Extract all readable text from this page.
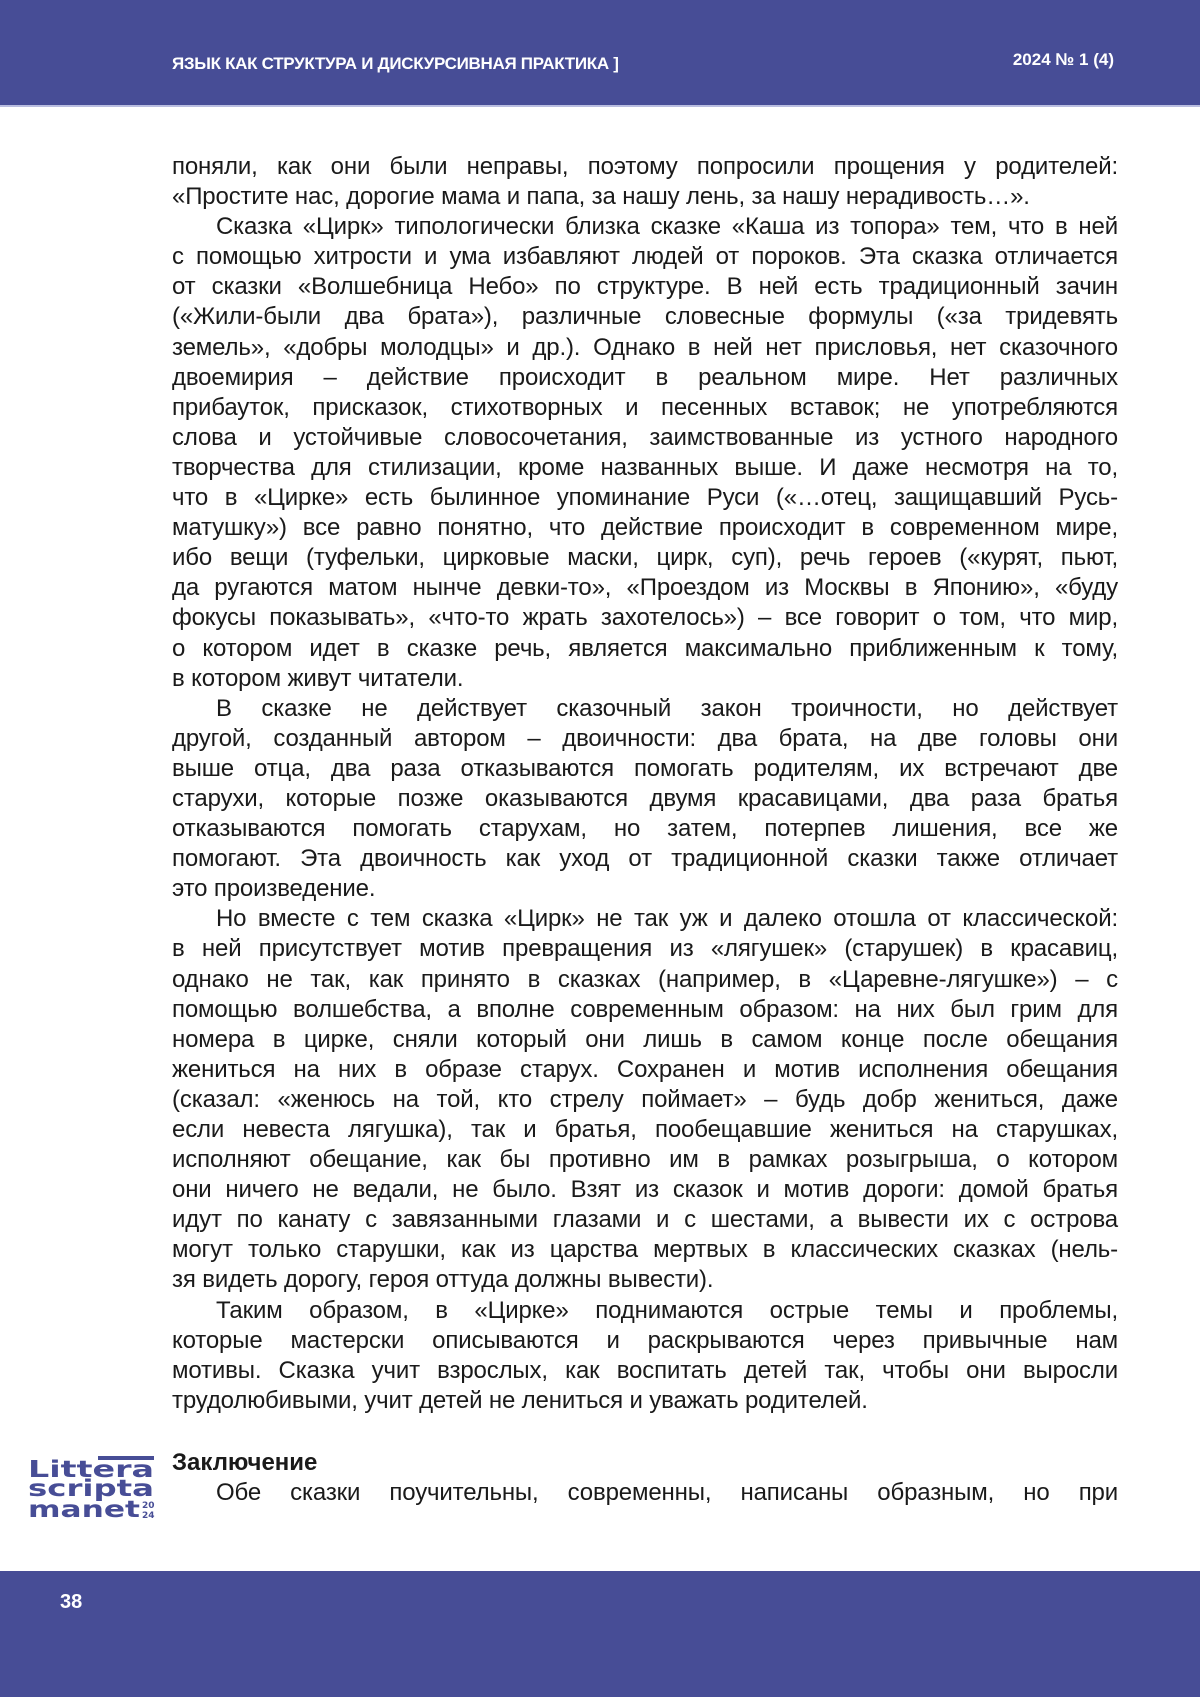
ЯЗЫК КАК СТРУКТУРА И ДИСКУРСИВНАЯ ПРАКТИКА ]	2024 № 1 (4)
поняли, как они были неправы, поэтому попросили прощения у родителей:
«Простите нас, дорогие мама и папа, за нашу лень, за нашу нерадивость…».
Сказка «Цирк» типологически близка сказке «Каша из топора» тем, что в ней
с помощью хитрости и ума избавляют людей от пороков. Эта сказка отличается
от сказки «Волшебница Небо» по структуре. В ней есть традиционный зачин
(«Жили-были два брата»), различные словесные формулы («за тридевять
земель», «добры молодцы» и др.). Однако в ней нет присловья, нет сказочного
двоемирия – действие происходит в реальном мире. Нет различных
прибауток, присказок, стихотворных и песенных вставок; не употребляются
слова и устойчивые словосочетания, заимствованные из устного народного
творчества для стилизации, кроме названных выше. И даже несмотря на то,
что в «Цирке» есть былинное упоминание Руси («…отец, защищавший Русь-
матушку») все равно понятно, что действие происходит в современном мире,
ибо вещи (туфельки, цирковые маски, цирк, суп), речь героев («курят, пьют,
да ругаются матом нынче девки-то», «Проездом из Москвы в Японию», «буду
фокусы показывать», «что-то жрать захотелось») – все говорит о том, что мир,
о котором идет в сказке речь, является максимально приближенным к тому,
в котором живут читатели.
В сказке не действует сказочный закон троичности, но действует
другой, созданный автором – двоичности: два брата, на две головы они
выше отца, два раза отказываются помогать родителям, их встречают две
старухи, которые позже оказываются двумя красавицами, два раза братья
отказываются помогать старухам, но затем, потерпев лишения, все же
помогают. Эта двоичность как уход от традиционной сказки также отличает
это произведение.
Но вместе с тем сказка «Цирк» не так уж и далеко отошла от классической:
в ней присутствует мотив превращения из «лягушек» (старушек) в красавиц,
однако не так, как принято в сказках (например, в «Царевне-лягушке») – с
помощью волшебства, а вполне современным образом: на них был грим для
номера в цирке, сняли который они лишь в самом конце после обещания
жениться на них в образе старух. Сохранен и мотив исполнения обещания
(сказал: «женюсь на той, кто стрелу поймает» – будь добр жениться, даже
если невеста лягушка), так и братья, пообещавшие жениться на старушках,
исполняют обещание, как бы противно им в рамках розыгрыша, о котором
они ничего не ведали, не было. Взят из сказок и мотив дороги: домой братья
идут по канату с завязанными глазами и с шестами, а вывести их с острова
могут только старушки, как из царства мертвых в классических сказках (нель-
зя видеть дорогу, героя оттуда должны вывести).
Таким образом, в «Цирке» поднимаются острые темы и проблемы,
которые мастерски описываются и раскрываются через привычные нам
мотивы. Сказка учит взрослых, как воспитать детей так, чтобы они выросли
трудолюбивыми, учит детей не лениться и уважать родителей.
Заключение
Обе сказки поучительны, современны, написаны образным, но при
Littera
scripta
manet 20
24
38
